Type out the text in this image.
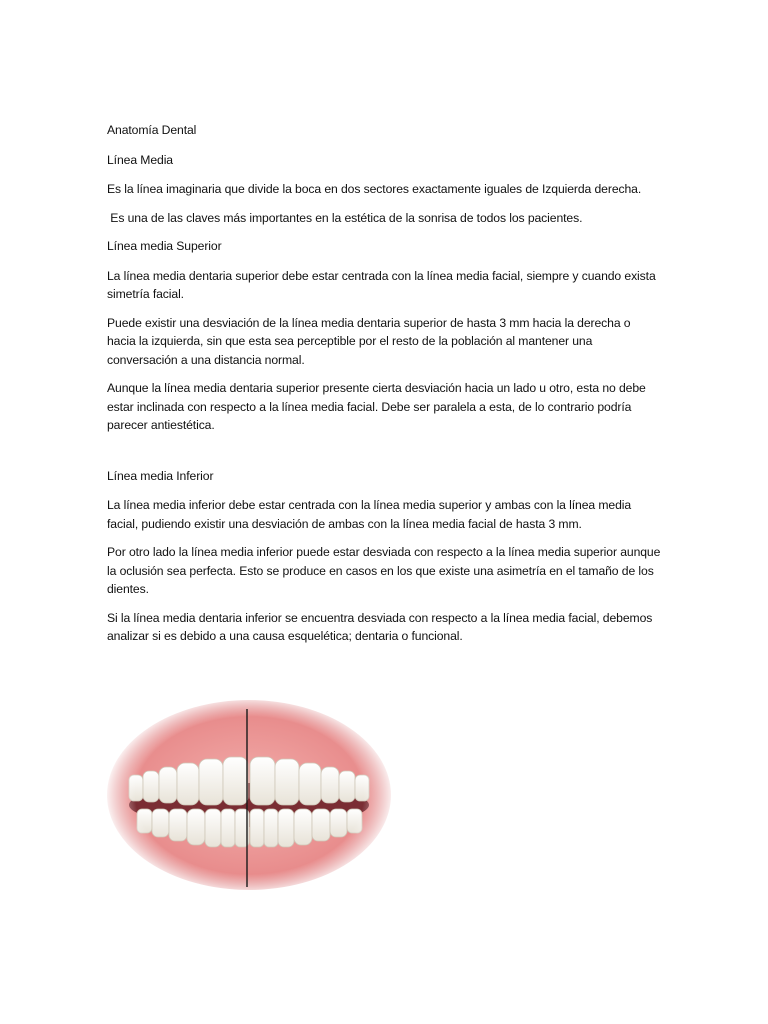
Anatomía Dental

Línea Media

Es la línea imaginaria que divide la boca en dos sectores exactamente iguales de Izquierda derecha.

Es una de las claves más importantes en la estética de la sonrisa de todos los pacientes.

Línea media Superior

La línea media dentaria superior debe estar centrada con la línea media facial, siempre y cuando exista simetría facial.

Puede existir una desviación de la línea media dentaria superior de hasta 3 mm hacia la derecha o hacia la izquierda, sin que esta sea perceptible por el resto de la población al mantener una conversación a una distancia normal.

Aunque la línea media dentaria superior presente cierta desviación hacia un lado u otro, esta no debe estar inclinada con respecto a la línea media facial. Debe ser paralela a esta, de lo contrario podría parecer antiestética.

Línea media Inferior

La línea media inferior debe estar centrada con la línea media superior y ambas con la línea media facial, pudiendo existir una desviación de ambas con la línea media facial de hasta 3 mm.

Por otro lado la línea media inferior puede estar desviada con respecto a la línea media superior aunque la oclusión sea perfecta. Esto se produce en casos en los que existe una asimetría en el tamaño de los dientes.

Si la línea media dentaria inferior se encuentra desviada con respecto a la línea media facial, debemos analizar si es debido a una causa esquelética; dentaria o funcional.
